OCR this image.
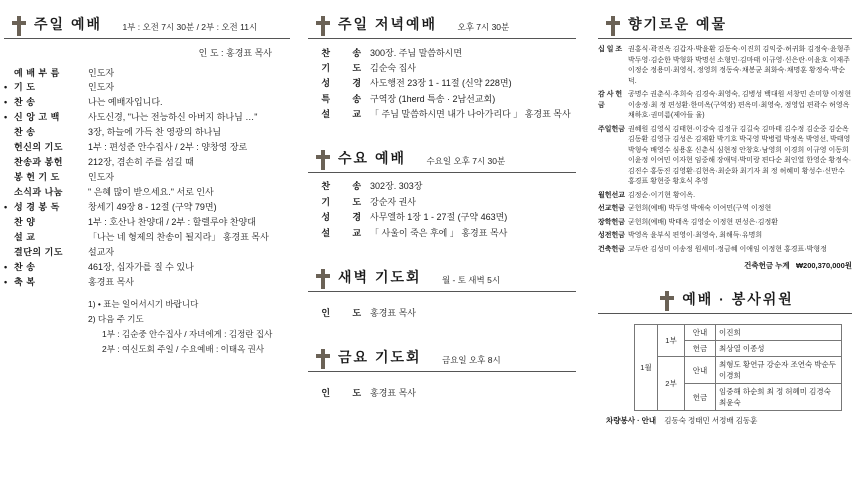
주일 예배 1부 : 오전 7시 30분 / 2부 : 오전 11시
인 도 : 홍경표 목사
예 배 부 름	인도자
• 기 도	인도자
• 찬 송	나는 예배자입니다.
• 신 앙 고 백	사도신경, "나는 전능하신 아버지 하나님 …"
찬 송	3장, 하늘에 가득 찬 영광의 하나님
헌신의 기도	1부 : 편성준 안수집사 / 2부 : 양창영 장로
찬송과 봉헌	212장, 겸손히 주를 섬길 때
봉 헌 기 도	인도자
소식과 나눔	" 은혜 많이 받으세요." 서로 인사
• 성 경 봉 독	창세기 49장 8 - 12절 (구약 79면)
찬 양	1부 : 호산나 찬양대 / 2부 : 할렐루야 찬양대
설 교	「나는 네 형제의 찬송이 될지라」 홍경표 목사
결단의 기도	설교자
• 찬 송	461장, 십자가를 질 수 있나
• 축 복	홍경표 목사
1) • 표는 일어서시기 바랍니다
2) 다음 주 기도
1부 : 김순중 안수집사 / 자녀에게 : 김정란 집사
2부 : 여신도회 주일 / 수요예배 : 이태옥 권사
주일 저녁예배 오후 7시 30분
찬	송 300장. 주님 말씀하시면
기	도 김순숙 집사
성	경 사도행전 23장 1 - 11절 (신약 228면)
특	송 구역장 (1herd 특송 · 2남선교회)
설	교 「 주님 말씀하시면 내가 나아가리다 」 홍경표 목사
수요 예배 수요일 오후 7시 30분
찬	송 302장. 303장
기	도 강순자 권사
성	경 사무엘하 1장 1 - 27절 (구약 463면)
설	교 「 사울이 죽은 후에 」 홍경표 목사
새벽 기도회 월 - 토 새벽 5시
인	도 홍경표 목사
금요 기도회 금요일 오후 8시
인	도 홍경표 목사
향기로운 예물
십 일 조 권홍식·곽진옥 김갑자·박윤환 김동숙·이진희 김익중·허귀화 김정숙·윤형주 박두영·김순한 박형화 박명선 소형민·김마태 이규영·신은란·이윤호 이재주 이정순 정용미·최영식, 정영희 정동숙·채봉균 최화숙·채명훈 황정숙·박순덕.
감 사 헌 금
공명수 권춘식·추희숙 김경숙·최영숙, 김병성 백대원 서창민 손미향 이정현 이송정·최 정 편성환·한미옥(구역장) 편옥미·최영숙, 정영업 편곽수 허영옥 채하호·권미름(제아들 율)
주일헌금 권혜원 김영식 김태현·이강숙 김정규 김길숙 김마태 김수정 김순중 김순옥 김동환 김영규 김성은 김재환 박기호 박국영 박병렬 박정옥 박영선, 박태영 박형숙 배영수 심용훈 신춘식 심현정 안창호·남영희 이경희 이규영 이동희 이윤정 이여민 이자현 임중해 장애덕·박미랑 편다순 최인열 한영순 황정숙·김진수 홍동진 김영환·김현옥·최순화 최기자 최 정 허혜미 황성수·신만수 홍경표 황현중 황호식 추영
월헌선교 김정순·이기현 황이옥.
선교헌금 굳헌희(예배) 박두영 박애숙 이여민(구역 이정현
장학헌금 굳헌희(예배) 박태옥 김영순 이정현 편성은·김정환
성전헌금 박영옥 윤부식 편영이·최영숙, 최해득·유명희
건축헌금 고두란 김성미 이송정 원세미·정금혜 이애임 이정현 홍경표·박형정
건축헌금 누계 ₩200,370,000원
예배 · 봉사위원
1월	1부	안내	이진희
		헌금	최상열 이종성
	2부	안내	최형도 황연규 강순자 조연숙 박순두 이경희
		헌금	임중해 하순희 최 정 허혜미 김경숙 최윤숙
차량봉사 · 안내 김동숙 정태민 서정배 김동훈
